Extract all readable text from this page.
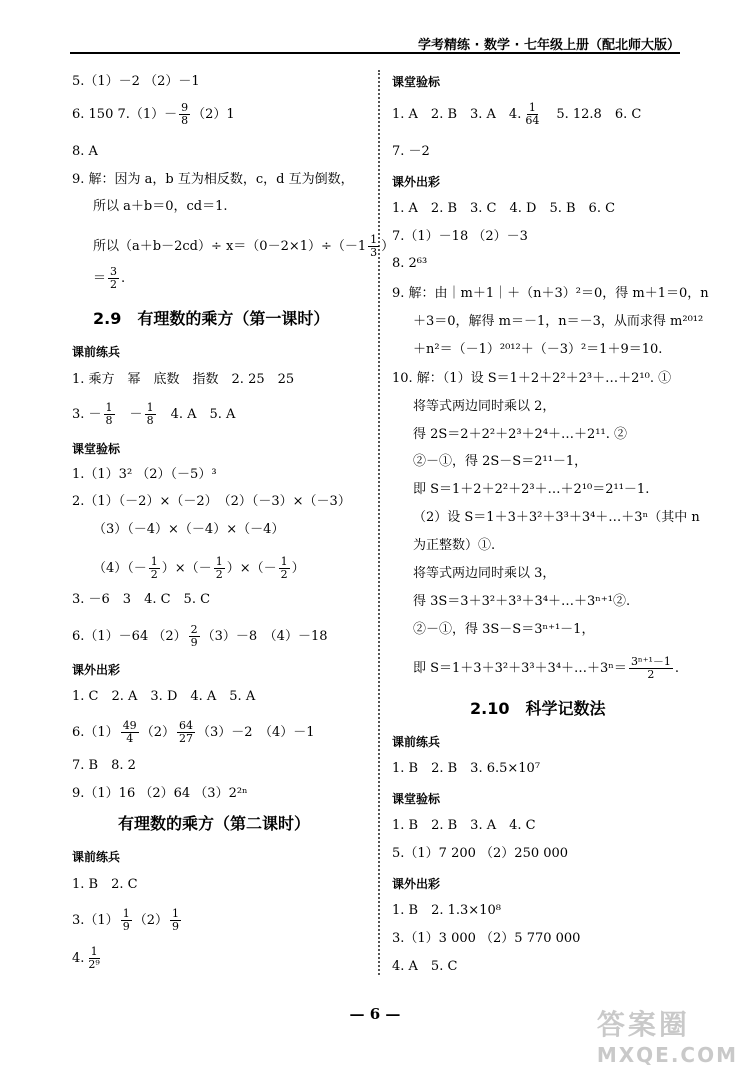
学考精练 · 数学 · 七年级上册（配北师大版）
5.（1）－2 （2）－1
6. 150 $7.(1)- \frac{9}{8} (2)1$
8. A
9. 解：因为 a，b 互为相反数，c，d 互为倒数，
所以 a＋b＝0，cd＝1.
所以$(a+b-2cd)\div x=(0-2\times 1)\div(-1 \frac{1}{3}$ ）
＝ $\frac{3}{2}$ .
2.9　有理数的乘方（第一课时）
课前练兵
1. 乘方　幂　底数　指数　2. 25　25
3. － $\frac{1}{8}$ 　－ $\frac{1}{8}$ 　4. A　5. A
课堂验标
1.（1）3² （2）（－5）³
2.（1）（－2）×（－2）　（2）（－3）×（－3）
（3）（－4）×（－4）×（－4）
$(4)(- \frac{1}{2}$ ）×（－ $\frac{1}{2}$ ）×（－ $\frac{1}{2}$ ）
3. －6　3　4. C　5. C
6.（1）－64 $(2) \frac{2}{9} (3)-8$　（4）－18
课外出彩
1. C　2. A　3. D　4. A　5. A
$6.(1) \frac{49}{4} (2) \frac{64}{27} (3)-2$　（4）－1
7. B　8. 2
9.（1）16 （2）64 （3）2²ⁿ
有理数的乘方（第二课时）
课前练兵
1. B　2. C
$3.(1) \frac{1}{9} (2) \frac{1}{9}$
4. $\frac{1}{\text{2⁹}}$
课堂验标
1. A　2. B　3. A　4. $\frac{1}{64}$ 　5. 12.8　6. C
7. －2
课外出彩
1. A　2. B　3. C　4. D　5. B　6. C
7.（1）－18 （2）－3
8. 2⁶³
9. 解：由｜m＋1｜＋（n＋3）²＝0，得 m＋1＝0，n
＋3＝0，解得 m＝－1，n＝－3，从而求得 m²⁰¹²
＋n²＝（－1）²⁰¹²＋（－3）²＝1＋9＝10.
10. 解：（1）设 S＝1＋2＋2²＋2³＋…＋2¹⁰. ①
将等式两边同时乘以 2，
得 2S＝2＋2²＋2³＋2⁴＋…＋2¹¹. ②
②－①，得 2S－S＝2¹¹－1，
即 S＝1＋2＋2²＋2³＋…＋2¹⁰＝2¹¹－1.
（2）设 S＝1＋3＋3²＋3³＋3⁴＋…＋3ⁿ（其中 n
为正整数）①.
将等式两边同时乘以 3，
得 3S＝3＋3²＋3³＋3⁴＋…＋3ⁿ⁺¹②.
②－①，得 3S－S＝3ⁿ⁺¹－1，
即 S＝1＋3＋3²＋3³＋3⁴＋…＋3ⁿ＝ $\frac{\text{3ⁿ⁺¹－1}}{2}$ .
2.10　科学记数法
课前练兵
1. B　2. B　3. 6.5×10⁷
课堂验标
1. B　2. B　3. A　4. C
5.（1）7 200 （2）250 000
课外出彩
1. B　2. 1.3×10⁸
3.（1）3 000 （2）5 770 000
4. A　5. C
— 6 —	答案圈
MXQE.COM
